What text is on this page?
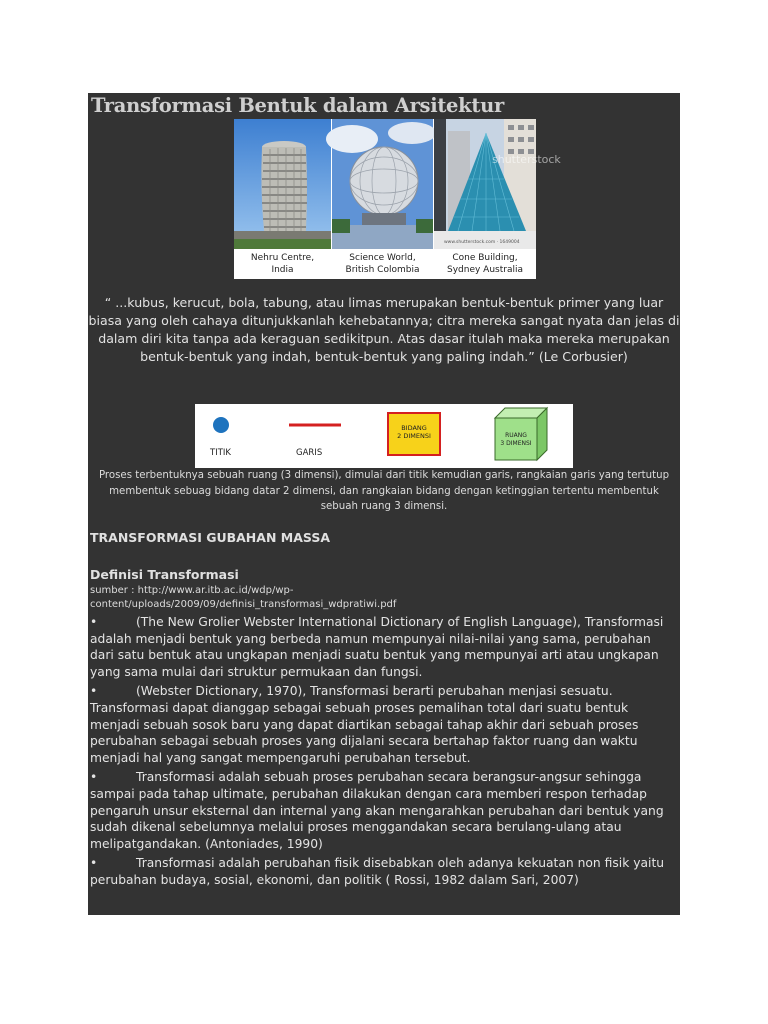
Transformasi Bentuk dalam Arsitektur
shutterstock
www.shutterstock.com · 1649004
Nehru Centre,
India
Science World,
British Colombia
Cone Building,
Sydney Australia
“ ...kubus, kerucut, bola, tabung, atau limas merupakan bentuk-bentuk primer yang luar biasa yang oleh cahaya ditunjukkanlah kehebatannya; citra mereka sangat nyata dan jelas di dalam diri kita tanpa ada keraguan sedikitpun. Atas dasar itulah maka mereka merupakan bentuk-bentuk yang indah, bentuk-bentuk yang paling indah.” (Le Corbusier)
TITIK	GARIS
BIDANG
2 DIMENSI	RUANG
3 DIMENSI
Proses terbentuknya sebuah ruang (3 dimensi), dimulai dari titik kemudian garis, rangkaian garis yang tertutup membentuk sebuag bidang datar 2 dimensi, dan rangkaian bidang dengan ketinggian tertentu membentuk sebuah ruang 3 dimensi.
TRANSFORMASI GUBAHAN MASSA
Definisi Transformasi
sumber : http://www.ar.itb.ac.id/wdp/wp-content/uploads/2009/09/definisi_transformasi_wdpratiwi.pdf

•	(The New Grolier Webster International Dictionary of English Language), Transformasi adalah menjadi bentuk yang berbeda namun mempunyai nilai-nilai yang sama, perubahan dari satu bentuk atau ungkapan menjadi suatu bentuk yang mempunyai arti atau ungkapan yang sama mulai dari struktur permukaan dan fungsi.

•	(Webster Dictionary, 1970), Transformasi berarti perubahan menjasi sesuatu. Transformasi dapat dianggap sebagai sebuah proses pemalihan total dari suatu bentuk menjadi sebuah sosok baru yang dapat diartikan sebagai tahap akhir dari sebuah proses perubahan sebagai sebuah proses yang dijalani secara bertahap faktor ruang dan waktu menjadi hal yang sangat mempengaruhi perubahan tersebut.

•	Transformasi adalah sebuah proses perubahan secara berangsur-angsur sehingga sampai pada tahap ultimate, perubahan dilakukan dengan cara memberi respon terhadap pengaruh unsur eksternal dan internal yang akan mengarahkan perubahan dari bentuk yang sudah dikenal sebelumnya melalui proses menggandakan secara berulang-ulang atau melipatgandakan. (Antoniades, 1990)

•	Transformasi adalah perubahan fisik disebabkan oleh adanya kekuatan non fisik yaitu perubahan budaya, sosial, ekonomi, dan politik ( Rossi, 1982 dalam Sari, 2007)
